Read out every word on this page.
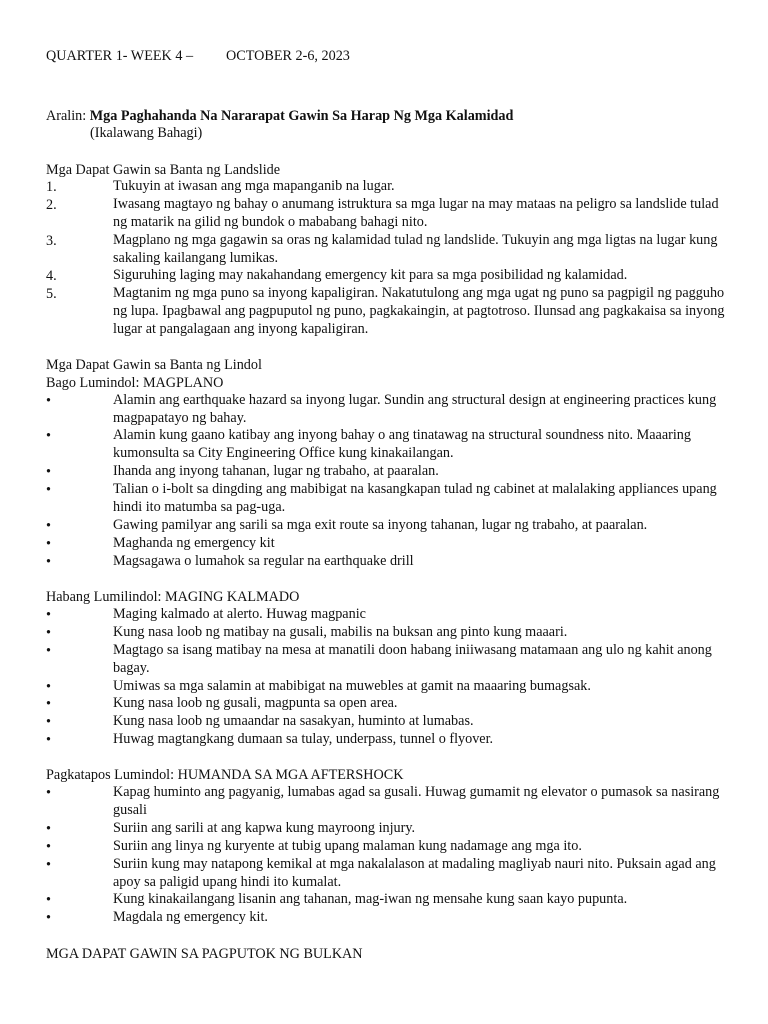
QUARTER 1- WEEK 4 – OCTOBER 2-6, 2023
Aralin: Mga Paghahanda Na Nararapat Gawin Sa Harap Ng Mga Kalamidad
(Ikalawang Bahagi)
Mga Dapat Gawin sa Banta ng Landslide
1.	Tukuyin at iwasan ang mga mapanganib na lugar.
2.	Iwasang magtayo ng bahay o anumang istruktura sa mga lugar na may mataas na peligro sa landslide tulad ng matarik na gilid ng bundok o mababang bahagi nito.
3.	Magplano ng mga gagawin sa oras ng kalamidad tulad ng landslide. Tukuyin ang mga ligtas na lugar kung sakaling kailangang lumikas.
4.	Siguruhing laging may nakahandang emergency kit para sa mga posibilidad ng kalamidad.
5.	Magtanim ng mga puno sa inyong kapaligiran. Nakatutulong ang mga ugat ng puno sa pagpigil ng pagguho ng lupa. Ipagbawal ang pagpuputol ng puno, pagkakaingin, at pagtotroso. Ilunsad ang pagkakaisa sa inyong lugar at pangalagaan ang inyong kapaligiran.
Mga Dapat Gawin sa Banta ng Lindol
Bago Lumindol: MAGPLANO
•	Alamin ang earthquake hazard sa inyong lugar. Sundin ang structural design at engineering practices kung magpapatayo ng bahay.
•	Alamin kung gaano katibay ang inyong bahay o ang tinatawag na structural soundness nito. Maaaring kumonsulta sa City Engineering Office kung kinakailangan.
•	Ihanda ang inyong tahanan, lugar ng trabaho, at paaralan.
•	Talian o i-bolt sa dingding ang mabibigat na kasangkapan tulad ng cabinet at malalaking appliances upang hindi ito matumba sa pag-uga.
•	Gawing pamilyar ang sarili sa mga exit route sa inyong tahanan, lugar ng trabaho, at paaralan.
•	Maghanda ng emergency kit
•	Magsagawa o lumahok sa regular na earthquake drill
Habang Lumilindol: MAGING KALMADO
•	Maging kalmado at alerto. Huwag magpanic
•	Kung nasa loob ng matibay na gusali, mabilis na buksan ang pinto kung maaari.
•	Magtago sa isang matibay na mesa at manatili doon habang iniiwasang matamaan ang ulo ng kahit anong bagay.
•	Umiwas sa mga salamin at mabibigat na muwebles at gamit na maaaring bumagsak.
•	Kung nasa loob ng gusali, magpunta sa open area.
•	Kung nasa loob ng umaandar na sasakyan, huminto at lumabas.
•	Huwag magtangkang dumaan sa tulay, underpass, tunnel o flyover.
Pagkatapos Lumindol: HUMANDA SA MGA AFTERSHOCK
•	Kapag huminto ang pagyanig, lumabas agad sa gusali. Huwag gumamit ng elevator o pumasok sa nasirang gusali
•	Suriin ang sarili at ang kapwa kung mayroong injury.
•	Suriin ang linya ng kuryente at tubig upang malaman kung nadamage ang mga ito.
•	Suriin kung may natapong kemikal at mga nakalalason at madaling magliyab nauri nito. Puksain agad ang apoy sa paligid upang hindi ito kumalat.
•	Kung kinakailangang lisanin ang tahanan, mag-iwan ng mensahe kung saan kayo pupunta.
•	Magdala ng emergency kit.
MGA DAPAT GAWIN SA PAGPUTOK NG BULKAN
